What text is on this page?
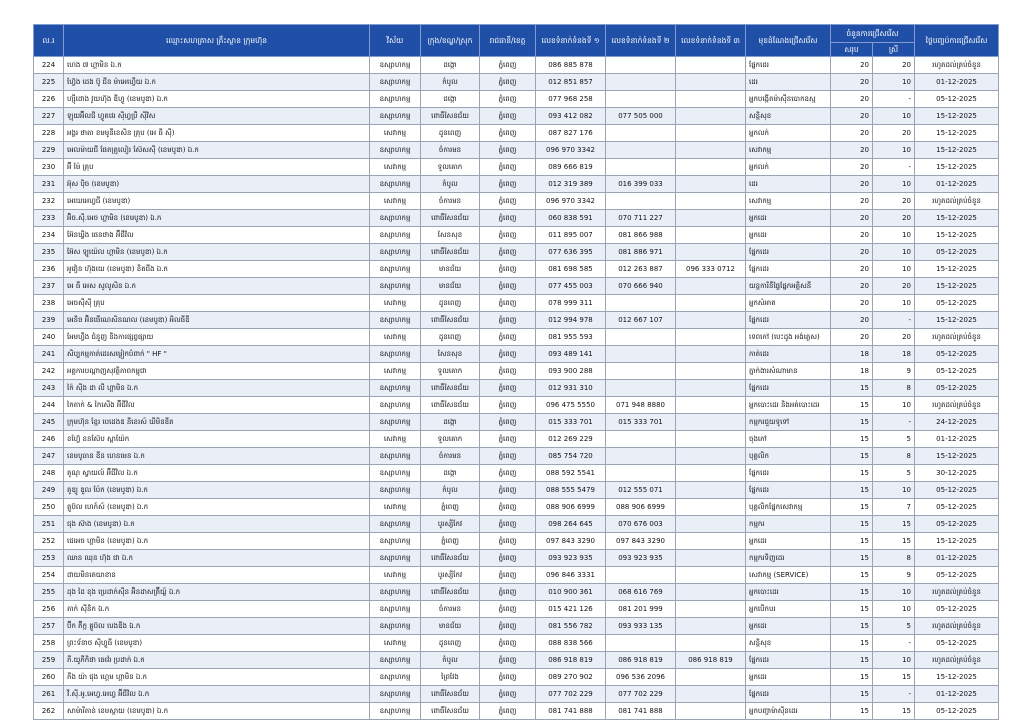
ល.រ	ឈ្មោះសហគ្រាស គ្រឹះស្ថាន ក្រុមហ៊ុន	វិស័យ	ក្រុង/ខណ្ឌ/ស្រុក	រាជធានី/ខេត្ត	លេខទំនាក់ទំនងទី ១	លេខទំនាក់ទំនងទី ២	លេខទំនាក់ទំនងទី ៣	មុខដំណែងជ្រើសរើស	ចំនួនការជ្រើសរើស		ថ្ងៃបញ្ចប់ការជ្រើសរើស
									សរុប	ស្រី	
224	ហេង ៧ ហ្គាមិន ឯ.ក	ឧស្សាហកម្ម	ដង្កោ	ភ្នំពេញ	086 885 878			ផ្នែកដេរ	20	20	រហូតដល់គ្រប់ចំនួន
225	ហ្វ៊ែង ដេង ប៊ូ ជីន ម៉ាអេហ្វេីយ ឯ.ក	ឧស្សាហកម្ម	កំបូល	ភ្នំពេញ	012 851 857			ដេរ	20	10	01-12-2025
226	ហ្ស៊ីដោង វូយហ៊ុង ឌីហ្វូ (ខេមបូឌា) ឯ.ក	ឧស្សាហកម្ម	ដង្កោ	ភ្នំពេញ	077 968 258			អ្នកបង្កើតម៉ាស៊ីនបោកឧស្ម	20	-	05-12-2025
227	ឡុយអ៊ីលជី ហ្វូតវេរ ស៊ីហ្វប្រឺ ស៊ីវិស	ឧស្សាហកម្ម	ពោធិ៍សែនជ័យ	ភ្នំពេញ	093 412 082	077 505 000		សន្តិសុខ	20	10	15-12-2025
228	អង្គរ ថាតា ខមមូនីខេសិន គ្រុប (អេ ធី ស៊ី)	សេវាកម្ម	ដូនពេញ	ភ្នំពេញ	087 827 176			អ្នកលក់	20	20	15-12-2025
229	អេលម៉ាយជី ផែតត្រូលៀរ ស៊ែសស៊ី (ខេមបូឌា) ឯ.ក	ឧស្សាហកម្ម	ចំការមន	ភ្នំពេញ	096 970 3342			សេវាកម្ម	20	10	15-12-2025
230	អ៊ី ម៉ៃ គ្រុប	សេវាកម្ម	ទួលគោក	ភ្នំពេញ	089 666 819			អ្នកលក់	20	-	15-12-2025
231	អ៊ុស ប៉ិច (ខេមបូឌា)	ឧស្សាហកម្ម	កំបូល	ភ្នំពេញ	012 319 389	016 399 033		ដេរ	20	10	01-12-2025
232	អេឃេអេហ្វជី (ខេមបូឌា)	សេវាកម្ម	ចំការមន	ភ្នំពេញ	096 970 3342			សេវាកម្ម	20	20	រហូតដល់គ្រប់ចំនួន
233	អ៊ិច.ស៊ី.អេច ហ្គាមិន (ខេមបូឌា) ឯ.ក	ឧស្សាហកម្ម	ពោធិ៍សែនជ័យ	ភ្នំពេញ	060 838 591	070 711 227		អ្នកដេរ	20	20	15-12-2025
234	អ៊ែនឃ្វីង ផេនថាង អ៊ីជីវិល	ឧស្សាហកម្ម	សែនសុខ	ភ្នំពេញ	011 895 007	081 866 988		អ្នកដេរ	20	10	15-12-2025
235	អ៊ែស ឡូយ៉េល ហ្គាមិន (ខេមបូឌា) ឯ.ក	ឧស្សាហកម្ម	ពោធិ៍សែនជ័យ	ភ្នំពេញ	077 636 395	081 886 971		ផ្នែកដេរ	20	10	05-12-2025
236	អូវៀន ហ៊ុងយេ (ខេមបូឌា) ខិតជីង ឯ.ក	ឧស្សាហកម្ម	មានជ័យ	ភ្នំពេញ	081 698 585	012 263 887	096 333 0712	ផ្នែកដេរ	20	10	15-12-2025
237	អេ ធី អេស សូលូសិន ឯ.ក	ឧស្សាហកម្ម	មានជ័យ	ភ្នំពេញ	077 455 003	070 666 940		យន្តការិនីផ្ទៃផ្នែកអគ្គិសនី	20	20	15-12-2025
238	អេចស៊ីស៊ី គ្រុប	សេវាកម្ម	ដូនពេញ	ភ្នំពេញ	078 999 311			អ្នកសំអាត	20	10	05-12-2025
239	អេនិច អ៊ិនធើណេសិនណល (ខេមបូឌា) អិលធីឌី	ឧស្សាហកម្ម	ពោធិ៍សែនជ័យ	ភ្នំពេញ	012 994 978	012 667 107		ផ្នែកដេរ	20	-	15-12-2025
240	អែមហ្វីង ជំនួញ និងការផ្សព្វផ្សាយ	សេវាកម្ម	ដូនពេញ	ភ្នំពេញ	081 955 593			ទេពកៅ (បេះដូង អង់គ្លេស)	20	20	រហូតដល់គ្រប់ចំនួន
241	សិប្បកម្មកាត់ដេរសម្លៀកបំពាក់ " HF "	ឧស្សាហកម្ម	សែនសុខ	ភ្នំពេញ	093 489 141			កាត់ដេរ	18	18	05-12-2025
242	អគ្គការបណ្តាញសុវត្ថិភាពកម្ពុជា	សេវាកម្ម	ទួលគោក	ភ្នំពេញ	093 900 288			ភ្នាក់ងារសំណាមាន	18	9	05-12-2025
243	ក៉ៃ ស៊ីង ដា លី ហ្គាមិន ឯ.ក	ឧស្សាហកម្ម	ពោធិ៍សែនជ័យ	ភ្នំពេញ	012 931 310			ផ្នែកដេរ	15	8	05-12-2025
244	កៃតាក់ & កៃ​សេីង អ៊ីជីវិល	ឧស្សាហកម្ម	ពោធិ៍សែនជ័យ	ភ្នំពេញ	096 475 5550	071 948 8880		អ្នកបោះដេរ និងអត់បោះដេរ	15	10	រហូតដល់គ្រប់ចំនួន
245	ក្រុមហ៊ុន ខ្មែរ បេដេងឌ នីខេរស៍ ឃីមិនឌីត	ឧស្សាហកម្ម	ដង្កោ	ភ្នំពេញ	015 333 701	015 333 701		កម្មករជួយទូទៅ	15	-	24-12-2025
246	ខហ្វ៊ែ ខនស៊ែប ស្ពាយ៉ែក	សេវាកម្ម	ទួលគោក	ភ្នំពេញ	012 269 229			ចុងភៅ	15	5	01-12-2025
247	ខេមបូធាន ឌីន ហេនមេន ឯ.ក	ឧស្សាហកម្ម	ចំការមន	ភ្នំពេញ	085 754 720			បុគ្គលិក	15	8	15-12-2025
248	គូណុ ស្វាយល៍ អ៊ីជីវិល ឯ.ក	ឧស្សាហកម្ម	ដង្កោ	ភ្នំពេញ	088 592 5541			ផ្នែកដេរ	15	5	30-12-2025
249	គូឌ្យូ ឌួល ប៉ែក (ខេមបូឌា) ឯ.ក	ឧស្សាហកម្ម	កំបូល	ភ្នំពេញ	088 555 5479	012 555 071		ផ្នែកដេរ	15	10	05-12-2025
250	គ្លូប៊ល ហេក៍ស៍ (ខេមបូឌា) ឯ.ក	សេវាកម្ម	ភ្នំពេញ	ភ្នំពេញ	088 906 6999	088 906 6999		បុគ្គលិកផ្នែកសេវាកម្ម	15	7	05-12-2025
251	ជុង ស៊ាង (ខេមបូឌា) ឯ.ក	ឧស្សាហកម្ម	បូរស្សីកែវ	ភ្នំពេញ	098 264 645	070 676 003		កម្មករ	15	15	05-12-2025
252	ជេអេច ហ្គាមិន (ខេមបូឌា) ឯ.ក	ឧស្សាហកម្ម	ភ្នំពេញ	ភ្នំពេញ	097 843 3290	097 843 3290		អ្នកដេរ	15	15	15-12-2025
253	ឈាន ឈុន ហ៊ុង ជា ឯ.ក	ឧស្សាហកម្ម	ពោធិ៍សែនជ័យ	ភ្នំពេញ	093 923 935	093 923 935		កម្មករទិញដេរ	15	8	01-12-2025
254	ដាយមិនតេយាខាន	សេវាកម្ម	បូរស្សីកែវ	ភ្នំពេញ	096 846 3331			សេវាកម្ម (SERVICE)	15	9	05-12-2025
255	ដុង ដៃ ខុង ប្រេដាក់ស៊ីន អ៊ិនដាសត្រ៊ីយ្ល៍ ឯ.ក	ឧស្សាហកម្ម	ពោធិ៍សែនជ័យ	ភ្នំពេញ	010 900 361	068 616 769		អ្នកបោះដេរ	15	10	រហូតដល់គ្រប់ចំនួន
256	តាក់ ស៊ីនិក ឯ.ក	ឧស្សាហកម្ម	ចំការមន	ភ្នំពេញ	015 421 126	081 201 999		អ្នកបើកបរ	15	10	05-12-2025
257	ប៊ីក ភ៊ីក្ក គ្លូប៊ល បេង​ឌីង ឯ.ក	ឧស្សាហកម្ម	មានជ័យ	ភ្នំពេញ	081 556 782	093 933 135		អ្នកដេរ	15	5	រហូតដល់គ្រប់ចំនួន
258	ព្រះទ័នាថ សុីហ្វូធី (ខេមបូឌា)	សេវាកម្ម	ដូនពេញ	ភ្នំពេញ	088 838 566			សន្តិសុខ	15	-	05-12-2025
259	ភី.យូភីកិថា ធេវ៉េរ ប្រដាក់ ឯ.ក	ឧស្សាហកម្ម	កំបូល	ភ្នំពេញ	086 918 819	086 918 819	086 918 819	ផ្នែកដេរ	15	10	រហូតដល់គ្រប់ចំនួន
260	ភីង យ៉ា ជុង ហ្គេម ហ្គាមិន ឯ.ក	ឧស្សាហកម្ម	ព្រៃវែង	ភ្នំពេញ	089 270 902	096 536 2096		អ្នកដេរ	15	15	15-12-2025
261	វី.ស៊ី.អូ.អេហ្វ.អេហ្វ អ៊ីជីវិល ឯ.ក	ឧស្សាហកម្ម	ពោធិ៍សែនជ័យ	ភ្នំពេញ	077 702 229	077 702 229		ផ្នែកដេរ	15	-	01-12-2025
262	សាម៉ារីតាន់ ខេមស្តាយ (ខេមបូឌា) ឯ.ក	ឧស្សាហកម្ម	ពោធិ៍សែនជ័យ	ភ្នំពេញ	081 741 888	081 741 888		អ្នកបញ្ជាម៉ាស៊ីនដេរ	15	15	05-12-2025
